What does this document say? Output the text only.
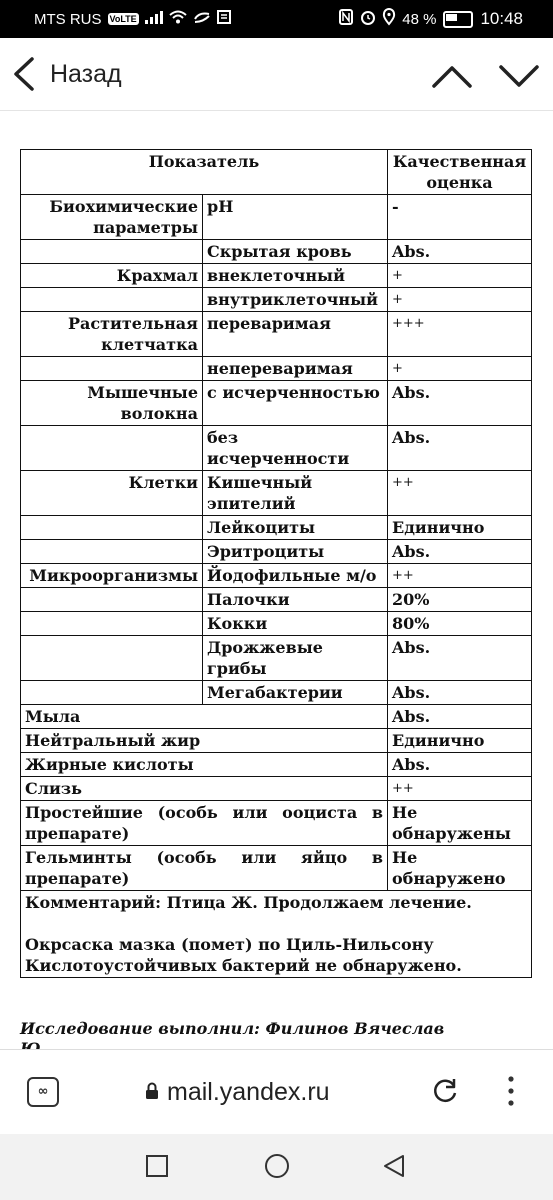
MTS RUS VoLTE	48 %	10:48
Назад
Показатель		Качественная оценка
Биохимические параметры	pH	-
	Скрытая кровь	Abs.
Крахмал	внеклеточный	+
	внутриклеточный	+
Растительная клетчатка	переваримая	+++
	непереваримая	+
Мышечные волокна	с исчерченностью	Abs.
	без исчерченности	Abs.
Клетки	Кишечный эпителий	++
	Лейкоциты	Единично
	Эритроциты	Abs.
Микроорганизмы	Йодофильные м/о	++
	Палочки	20%
	Кокки	80%
	Дрожжевые грибы	Abs.
	Мегабактерии	Abs.
Мыла		Abs.
Нейтральный жир		Единично
Жирные кислоты		Abs.
Слизь		++
Простейшие (особь или ооциста в препарате)		Не обнаружены
Гельминты (особь или яйцо в препарате)		Не обнаружено

Комментарий: Птица Ж. Продолжаем лечение.
Окрсаска мазка (помет) по Циль-Нильсону
Кислотоустойчивых бактерий не обнаружено.		
Исследование выполнил: Филинов Вячеслав
∞	mail.yandex.ru
